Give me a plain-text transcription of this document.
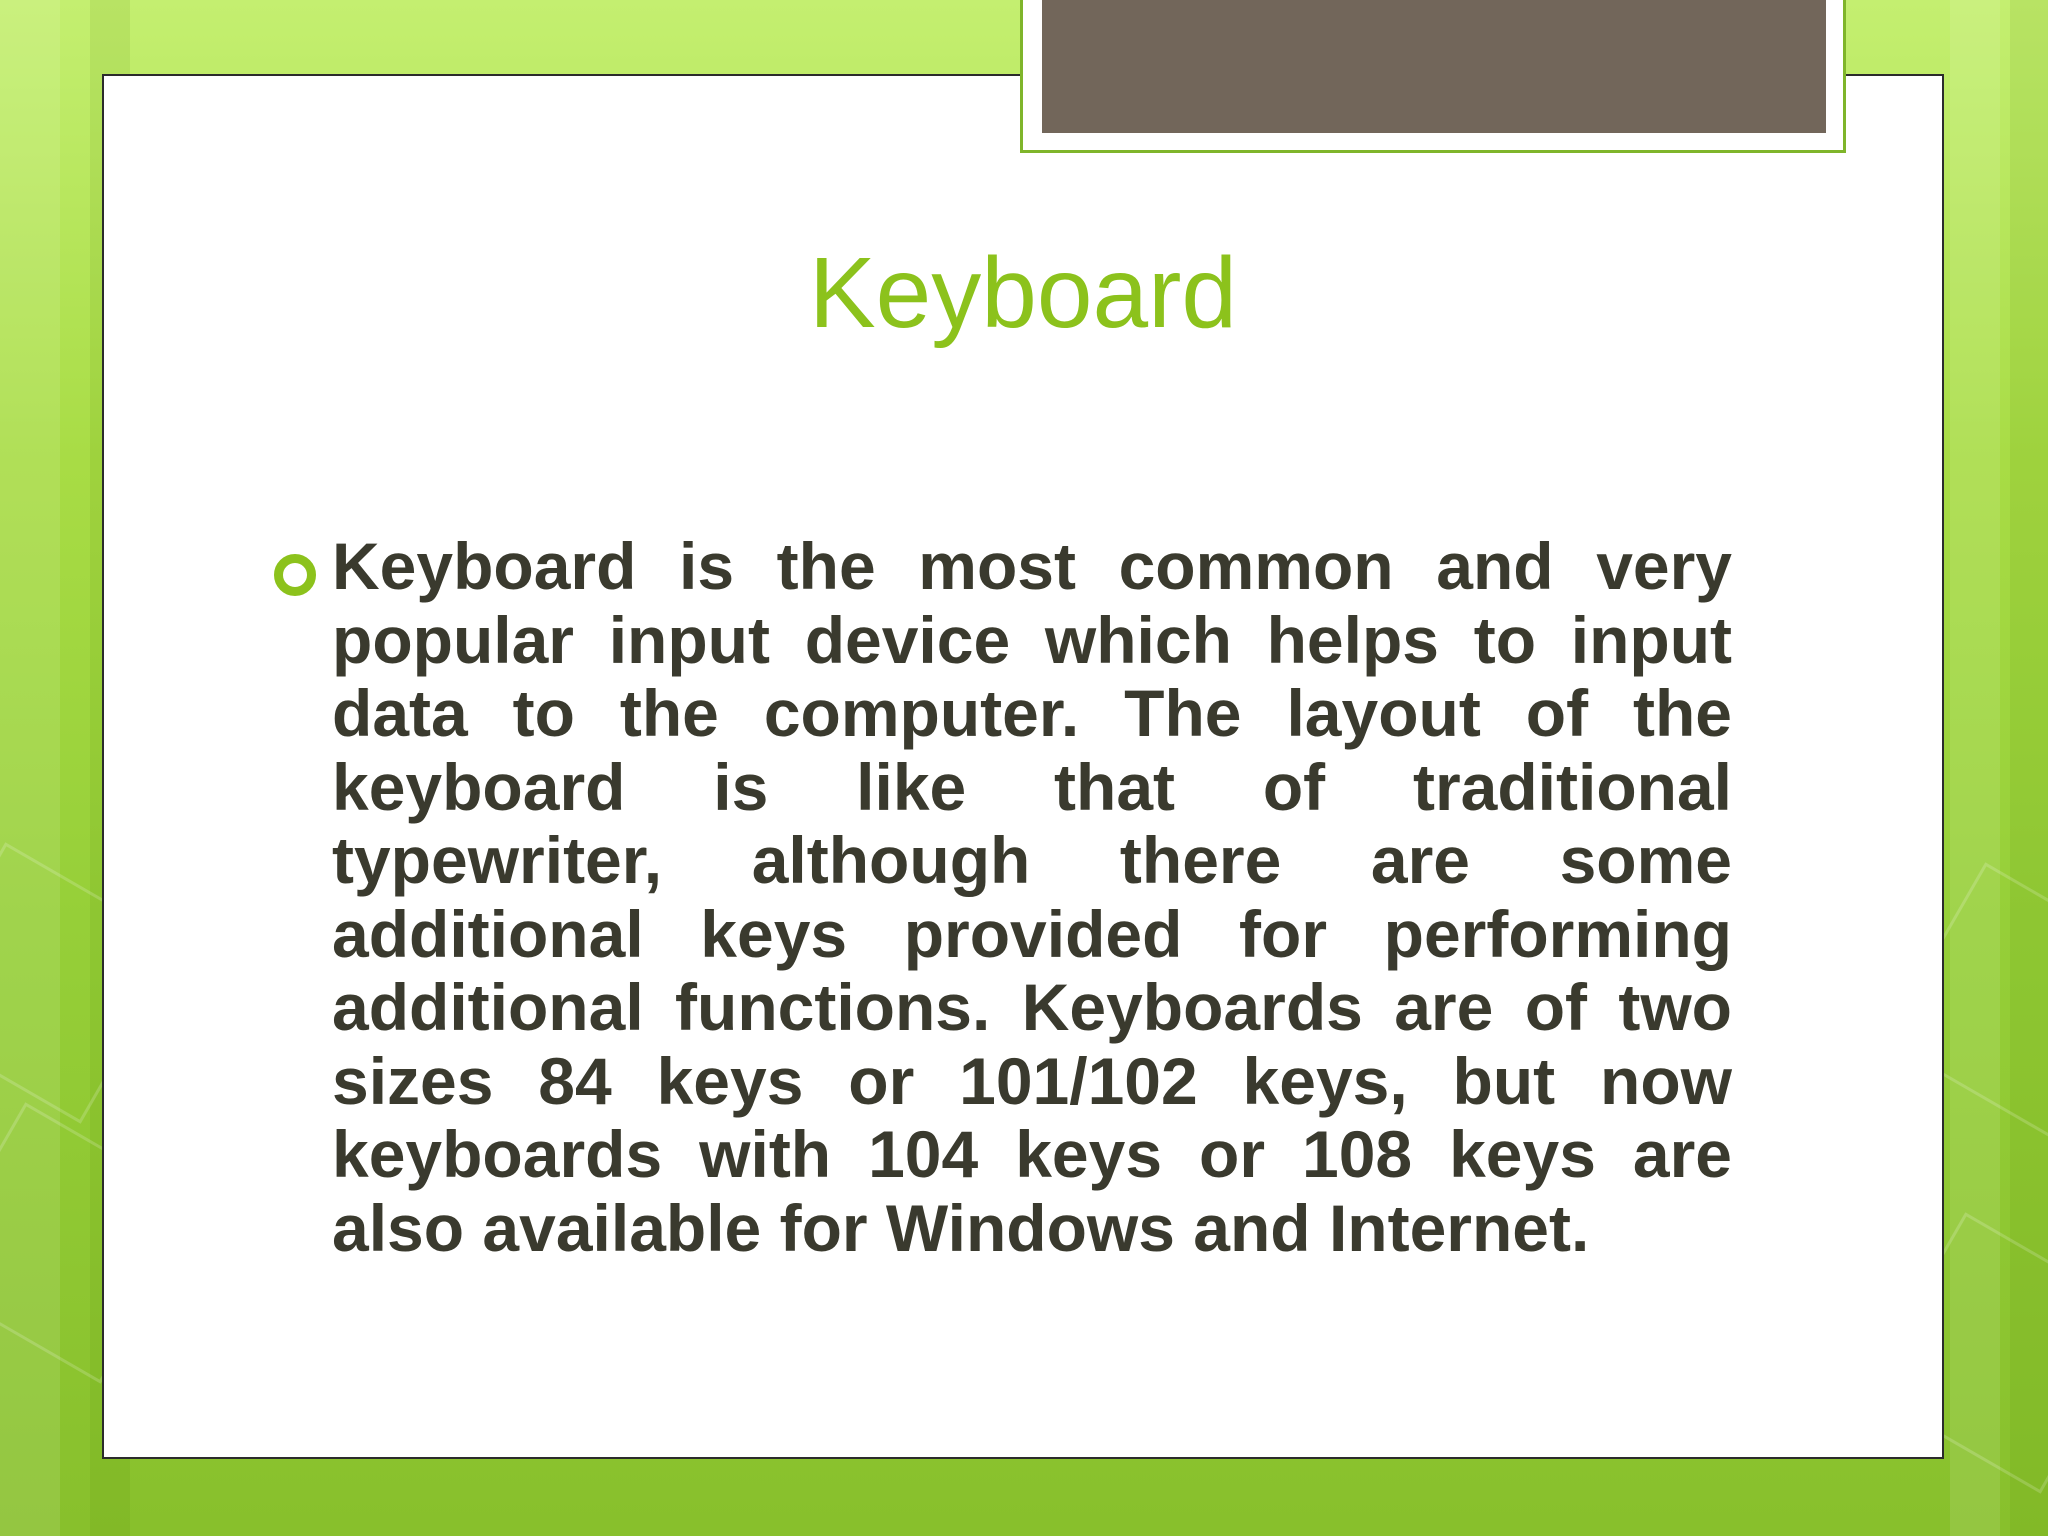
Keyboard

Keyboard is the most common and very popular input device which helps to input data to the computer. The layout of the keyboard is like that of traditional typewriter, although there are some additional keys provided for performing additional functions. Keyboards are of two sizes 84 keys or 101/102 keys, but now keyboards with 104 keys or 108 keys are also available for Windows and Internet.
